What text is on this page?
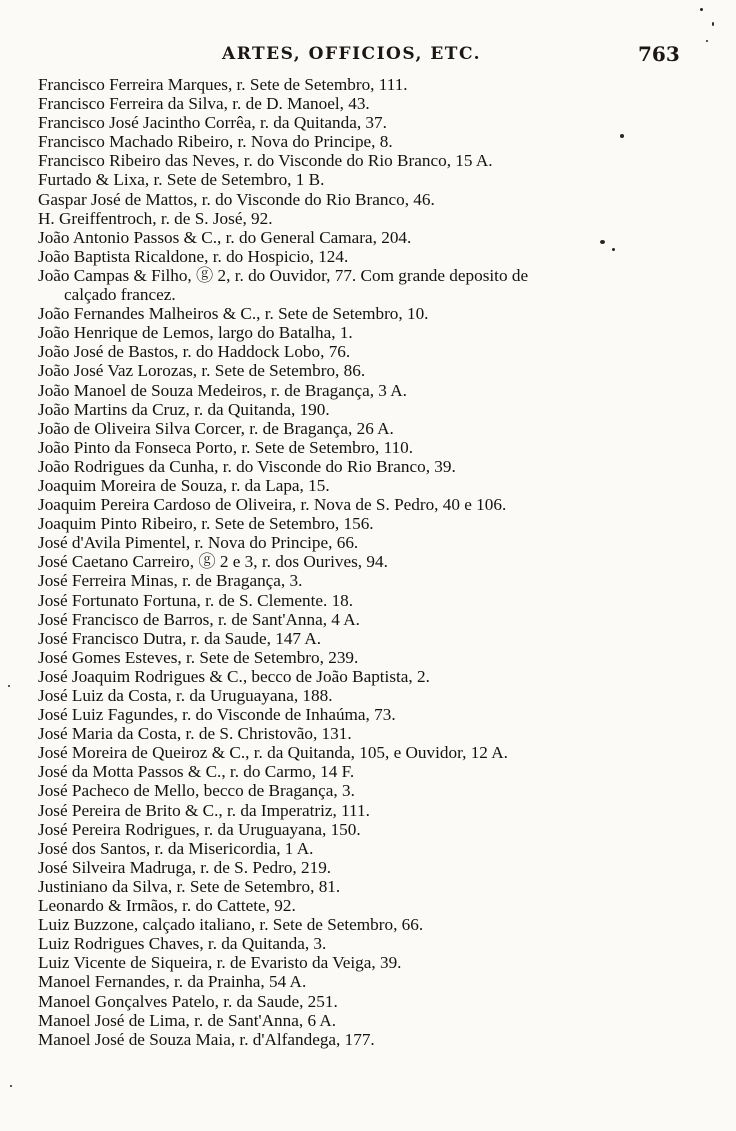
ARTES, OFFICIOS, ETC.	763
Francisco Ferreira Marques, r. Sete de Setembro, 111.
Francisco Ferreira da Silva, r. de D. Manoel, 43.
Francisco José Jacintho Corrêa, r. da Quitanda, 37.
Francisco Machado Ribeiro, r. Nova do Principe, 8.
Francisco Ribeiro das Neves, r. do Visconde do Rio Branco, 15 A.
Furtado & Lixa, r. Sete de Setembro, 1 B.
Gaspar José de Mattos, r. do Visconde do Rio Branco, 46.
H. Greiffentroch, r. de S. José, 92.
João Antonio Passos & C., r. do General Camara, 204.
João Baptista Ricaldone, r. do Hospicio, 124.
João Campas & Filho, ⓖ 2, r. do Ouvidor, 77. Com grande deposito de
calçado francez.
João Fernandes Malheiros & C., r. Sete de Setembro, 10.
João Henrique de Lemos, largo do Batalha, 1.
João José de Bastos, r. do Haddock Lobo, 76.
João José Vaz Lorozas, r. Sete de Setembro, 86.
João Manoel de Souza Medeiros, r. de Bragança, 3 A.
João Martins da Cruz, r. da Quitanda, 190.
João de Oliveira Silva Corcer, r. de Bragança, 26 A.
João Pinto da Fonseca Porto, r. Sete de Setembro, 110.
João Rodrigues da Cunha, r. do Visconde do Rio Branco, 39.
Joaquim Moreira de Souza, r. da Lapa, 15.
Joaquim Pereira Cardoso de Oliveira, r. Nova de S. Pedro, 40 e 106.
Joaquim Pinto Ribeiro, r. Sete de Setembro, 156.
José d'Avila Pimentel, r. Nova do Principe, 66.
José Caetano Carreiro, ⓖ 2 e 3, r. dos Ourives, 94.
José Ferreira Minas, r. de Bragança, 3.
José Fortunato Fortuna, r. de S. Clemente. 18.
José Francisco de Barros, r. de Sant'Anna, 4 A.
José Francisco Dutra, r. da Saude, 147 A.
José Gomes Esteves, r. Sete de Setembro, 239.
José Joaquim Rodrigues & C., becco de João Baptista, 2.
José Luiz da Costa, r. da Uruguayana, 188.
José Luiz Fagundes, r. do Visconde de Inhaúma, 73.
José Maria da Costa, r. de S. Christovão, 131.
José Moreira de Queiroz & C., r. da Quitanda, 105, e Ouvidor, 12 A.
José da Motta Passos & C., r. do Carmo, 14 F.
José Pacheco de Mello, becco de Bragança, 3.
José Pereira de Brito & C., r. da Imperatriz, 111.
José Pereira Rodrigues, r. da Uruguayana, 150.
José dos Santos, r. da Misericordia, 1 A.
José Silveira Madruga, r. de S. Pedro, 219.
Justiniano da Silva, r. Sete de Setembro, 81.
Leonardo & Irmãos, r. do Cattete, 92.
Luiz Buzzone, calçado italiano, r. Sete de Setembro, 66.
Luiz Rodrigues Chaves, r. da Quitanda, 3.
Luiz Vicente de Siqueira, r. de Evaristo da Veiga, 39.
Manoel Fernandes, r. da Prainha, 54 A.
Manoel Gonçalves Patelo, r. da Saude, 251.
Manoel José de Lima, r. de Sant'Anna, 6 A.
Manoel José de Souza Maia, r. d'Alfandega, 177.
